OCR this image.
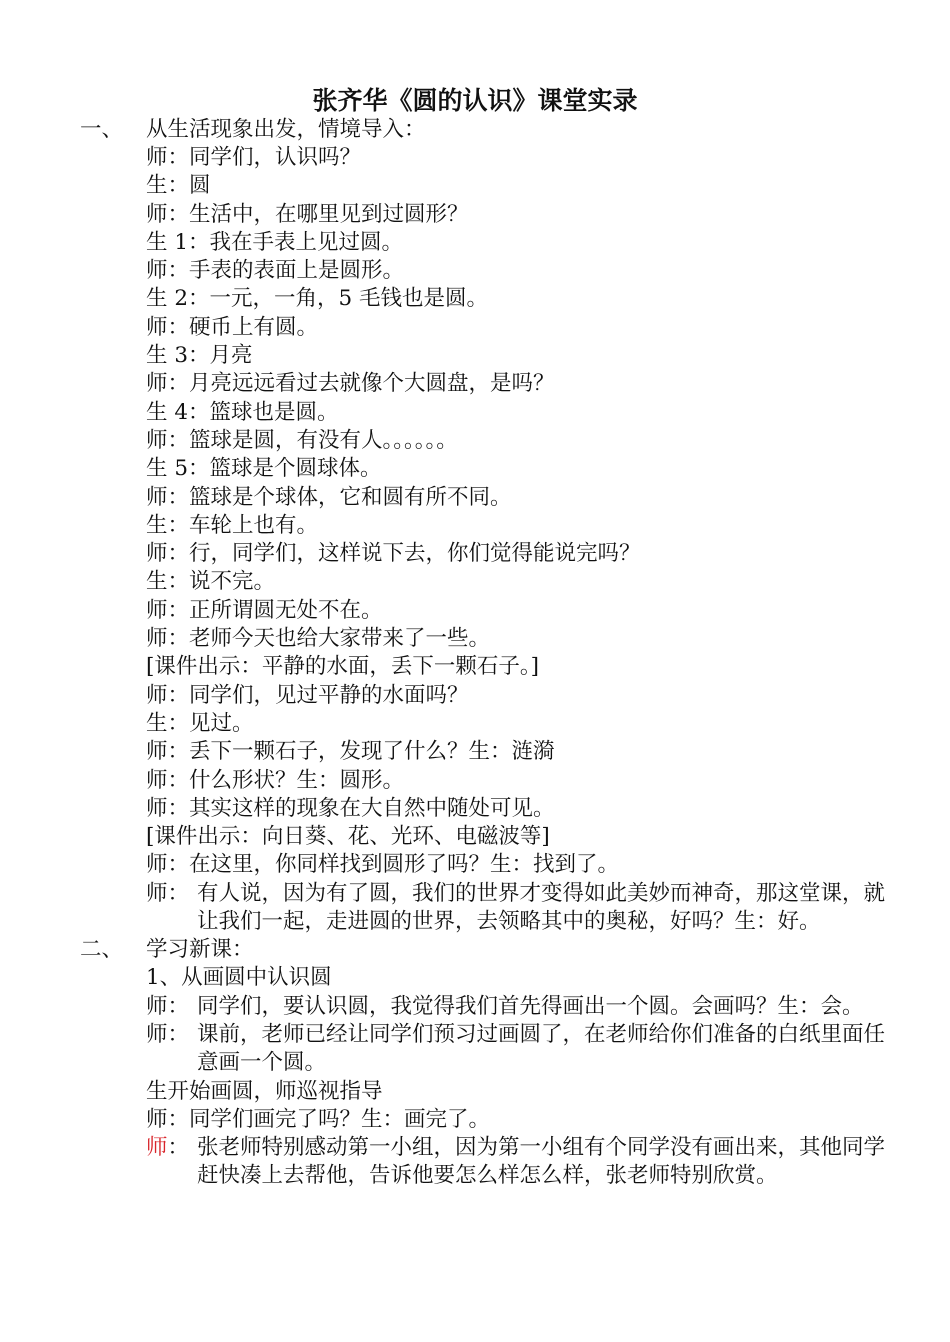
张齐华《圆的认识》课堂实录
一、	从生活现象出发，情境导入：
师：同学们，认识吗？
生：圆
师：生活中，在哪里见到过圆形？
生 1：我在手表上见过圆。
师：手表的表面上是圆形。
生 2：一元，一角，5 毛钱也是圆。
师：硬币上有圆。
生 3：月亮
师：月亮远远看过去就像个大圆盘，是吗？
生 4：篮球也是圆。
师：篮球是圆，有没有人。。。。。。
生 5：篮球是个圆球体。
师：篮球是个球体，它和圆有所不同。
生：车轮上也有。
师：行，同学们，这样说下去，你们觉得能说完吗？
生：说不完。
师：正所谓圆无处不在。
师：老师今天也给大家带来了一些。
[课件出示：平静的水面，丢下一颗石子。]
师：同学们，见过平静的水面吗？
生：见过。
师：丢下一颗石子，发现了什么？生：涟漪
师：什么形状？生：圆形。
师：其实这样的现象在大自然中随处可见。
[课件出示：向日葵、花、光环、电磁波等]
师：在这里，你同样找到圆形了吗？生：找到了。
师： 有人说，因为有了圆，我们的世界才变得如此美妙而神奇，那这堂课，就让我们一起，走进圆的世界，去领略其中的奥秘，好吗？生：好。
二、	学习新课：
1、从画圆中认识圆
师： 同学们，要认识圆，我觉得我们首先得画出一个圆。会画吗？生：会。
师： 课前，老师已经让同学们预习过画圆了，在老师给你们准备的白纸里面任意画一个圆。
生开始画圆，师巡视指导
师：同学们画完了吗？生：画完了。
师： 张老师特别感动第一小组，因为第一小组有个同学没有画出来，其他同学赶快凑上去帮他，告诉他要怎么样怎么样，张老师特别欣赏。
